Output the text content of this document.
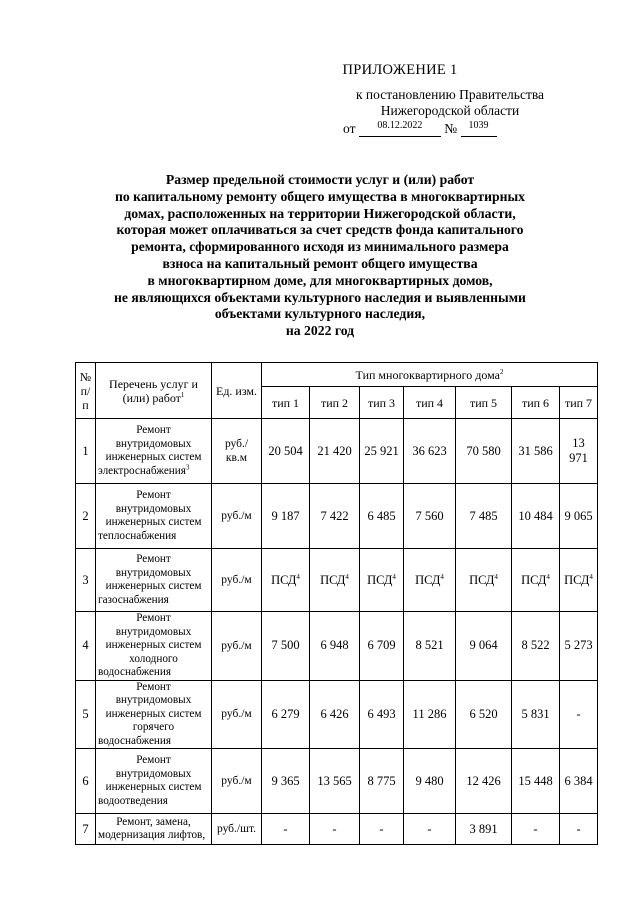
ПРИЛОЖЕНИЕ 1
к постановлению Правительства
Нижегородской области
от	08.12.2022	№	1039
Размер предельной стоимости услуг и (или) работ
по капитальному ремонту общего имущества в многоквартирных
домах, расположенных на территории Нижегородской области,
которая может оплачиваться за счет средств фонда капитального
ремонта, сформированного исходя из минимального размера
взноса на капитальный ремонт общего имущества
в многоквартирном доме, для многоквартирных домов,
не являющихся объектами культурного наследия и выявленными
объектами культурного наследия,
на 2022 год
№ п/п	Перечень услуг и (или) работ$^1$	Ед. изм.	Тип многоквартирного дома$^2$
			тип 1	тип 2	тип 3	тип 4	тип 5	тип 6	тип 7
1	Ремонт внутридомовых инженерных систем электроснабжения$^3$	руб./ кв.м	20 504	21 420	25 921	36 623	70 580	31 586	13 971
2	Ремонт внутридомовых инженерных систем теплоснабжения	руб./м	9 187	7 422	6 485	7 560	7 485	10 484	9 065
3	Ремонт внутридомовых инженерных систем газоснабжения	руб./м	ПСД$^4$	ПСД$^4$	ПСД$^4$	ПСД$^4$	ПСД$^4$	ПСД$^4$	ПСД$^4$
4	Ремонт внутридомовых инженерных систем холодного водоснабжения	руб./м	7 500	6 948	6 709	8 521	9 064	8 522	5 273
5	Ремонт внутридомовых инженерных систем горячего водоснабжения	руб./м	6 279	6 426	6 493	11 286	6 520	5 831	-
6	Ремонт внутридомовых инженерных систем водоотведения	руб./м	9 365	13 565	8 775	9 480	12 426	15 448	6 384
7	Ремонт, замена, модернизация лифтов,	руб./шт.	-	-	-	-	3 891	-	-
